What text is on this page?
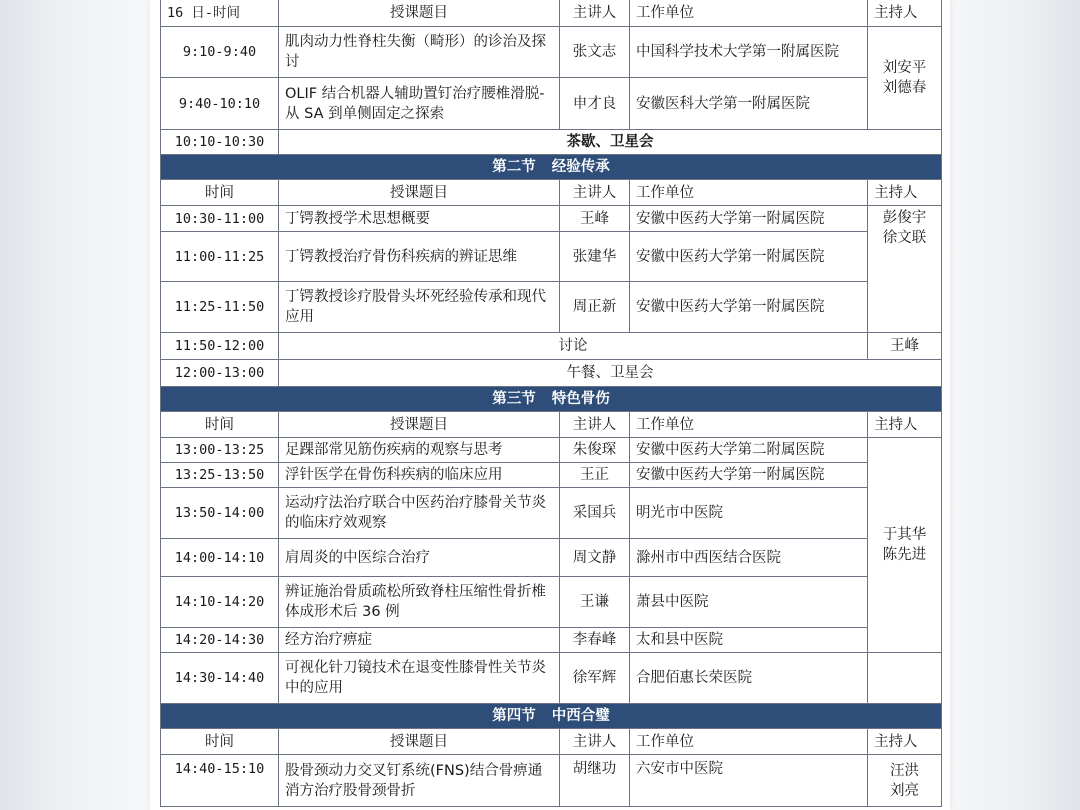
16 日-时间	授课题目	主讲人	工作单位	主持人
9:10-9:40	肌肉动力性脊柱失衡（畸形）的诊治及探讨	张文志	中国科学技术大学第一附属医院	刘安平
刘德春

9:40-10:10	OLIF 结合机器人辅助置钉治疗腰椎滑脱-从 SA 到单侧固定之探索	申才良	安徽医科大学第一附属医院	
10:10-10:30	茶歇、卫星会			
第二节 经验传承				
时间	授课题目	主讲人	工作单位	主持人
10:30-11:00	丁锷教授学术思想概要	王峰	安徽中医药大学第一附属医院	彭俊宇
徐文联

11:00-11:25	丁锷教授治疗骨伤科疾病的辨证思维	张建华	安徽中医药大学第一附属医院	
11:25-11:50	丁锷教授诊疗股骨头坏死经验传承和现代应用	周正新	安徽中医药大学第一附属医院	
11:50-12:00	讨论			王峰
12:00-13:00	午餐、卫星会			
第三节 特色骨伤				
时间	授课题目	主讲人	工作单位	主持人
13:00-13:25	足踝部常见筋伤疾病的观察与思考	朱俊琛	安徽中医药大学第二附属医院	于其华
陈先进

13:25-13:50	浮针医学在骨伤科疾病的临床应用	王正	安徽中医药大学第一附属医院	
13:50-14:00	运动疗法治疗联合中医药治疗膝骨关节炎的临床疗效观察	采国兵	明光市中医院	
14:00-14:10	肩周炎的中医综合治疗	周文静	滁州市中西医结合医院	
14:10-14:20	辨证施治骨质疏松所致脊柱压缩性骨折椎体成形术后 36 例	王谦	萧县中医院	
14:20-14:30	经方治疗痹症	李春峰	太和县中医院	
14:30-14:40	可视化针刀镜技术在退变性膝骨性关节炎中的应用	徐军辉	合肥佰惠长荣医院	
第四节 中西合璧				
时间	授课题目	主讲人	工作单位	主持人
14:40-15:10	股骨颈动力交叉钉系统(FNS)结合骨痹通消方治疗股骨颈骨折	胡继功	六安市中医院	汪洪
刘亮
